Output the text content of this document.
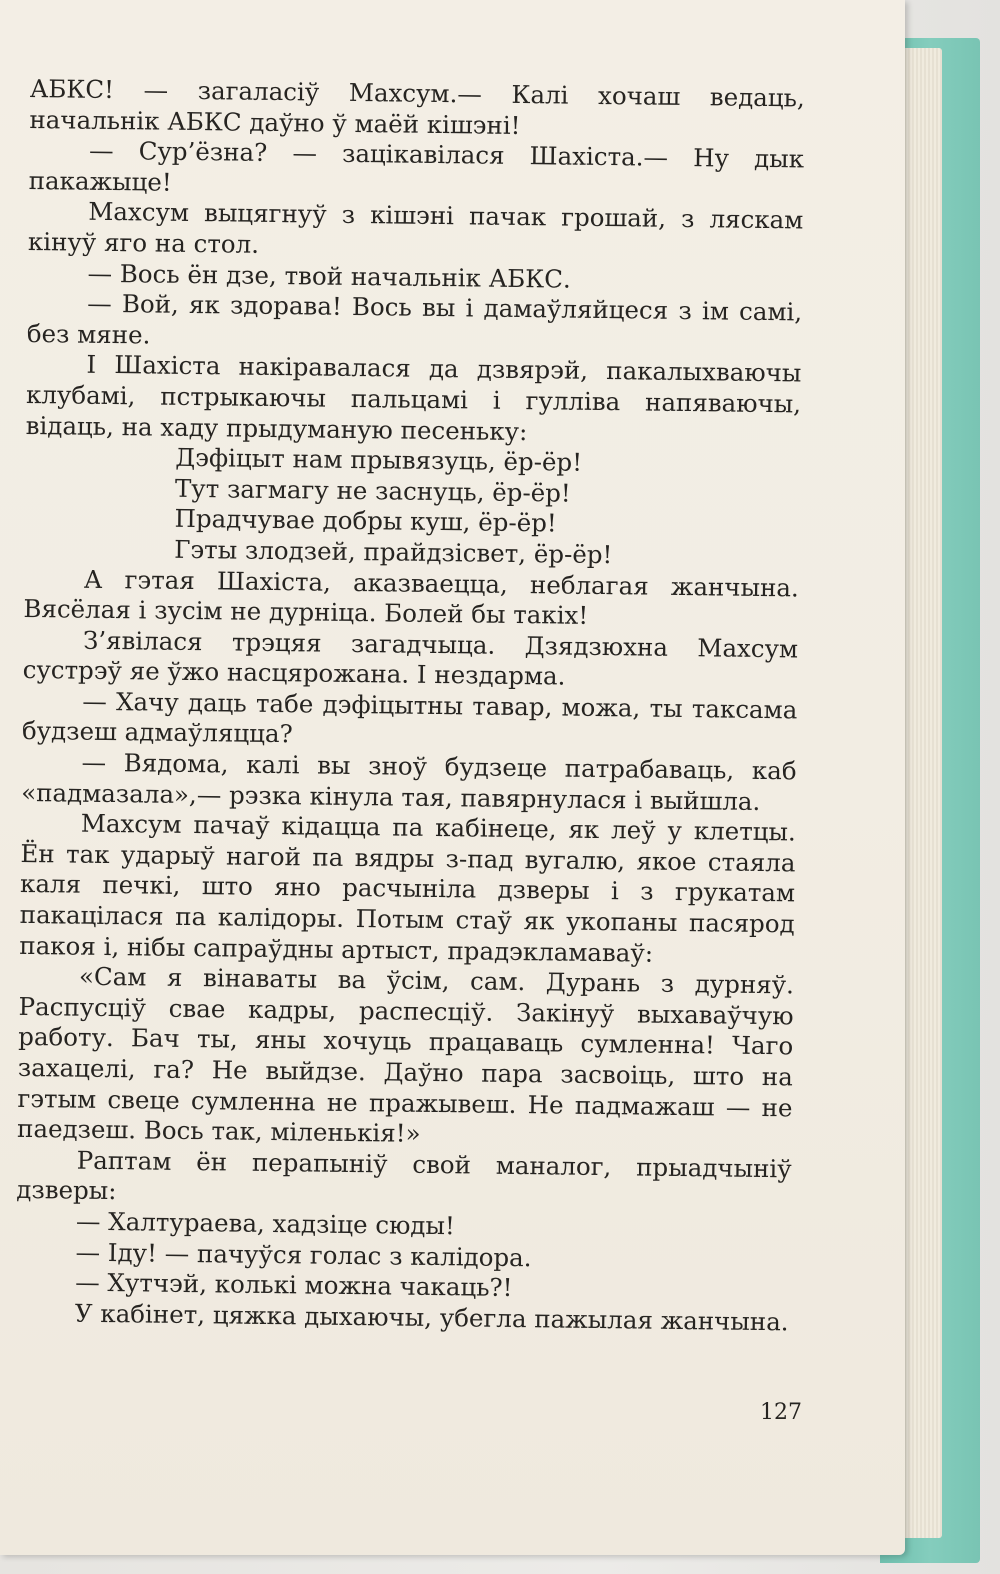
АБКС! — загаласіў Махсум.— Калі хочаш ведаць, начальнік АБКС даўно ў маёй кішэні!

— Сур’ёзна? — зацікавілася Шахіста.— Ну дык пакажыце!

Махсум выцягнуў з кішэні пачак грошай, з ляскам кінуў яго на стол.

— Вось ён дзе, твой начальнік АБКС.

— Вой, як здорава! Вось вы і дамаўляйцеся з ім самі, без мяне.

І Шахіста накіравалася да дзвярэй, пакалыхваючы клубамі, пстрыкаючы пальцамі і гулліва напяваючы, відаць, на хаду прыдуманую песеньку:

Дэфіцыт нам прывязуць, ёр-ёр!

Тут загмагу не заснуць, ёр-ёр!

Прадчувае добры куш, ёр-ёр!

Гэты злодзей, прайдзісвет, ёр-ёр!

А гэтая Шахіста, аказваецца, неблагая жанчына. Вясёлая і зусім не дурніца. Болей бы такіх!

З’явілася трэцяя загадчыца. Дзядзюхна Махсум сустрэў яе ўжо насцярожана. І нездарма.

— Хачу даць табе дэфіцытны тавар, можа, ты таксама будзеш адмаўляцца?

— Вядома, калі вы зноў будзеце патрабаваць, каб «падмазала»,— рэзка кінула тая, павярнулася і выйшла.

Махсум пачаў кідацца па кабінеце, як леў у клетцы. Ён так ударыў нагой па вядры з-пад вугалю, якое стаяла каля печкі, што яно расчыніла дзверы і з грукатам пакацілася па калідоры. Потым стаў як укопаны пасярод пакоя і, нібы сапраўдны артыст, прадэкламаваў:

«Сам я вінаваты ва ўсім, сам. Дурань з дурняў. Распусціў свае кадры, распесціў. Закінуў выхаваўчую работу. Бач ты, яны хочуць працаваць сумленна! Чаго захацелі, га? Не выйдзе. Даўно пара засвоіць, што на гэтым свеце сумленна не пражывеш. Не падмажаш — не паедзеш. Вось так, міленькія!»

Раптам ён перапыніў свой маналог, прыадчыніў дзверы:

— Халтураева, хадзіце сюды!

— Іду! — пачуўся голас з калідора.

— Хутчэй, колькі можна чакаць?!

У кабінет, цяжка дыхаючы, убегла пажылая жанчына.

127
